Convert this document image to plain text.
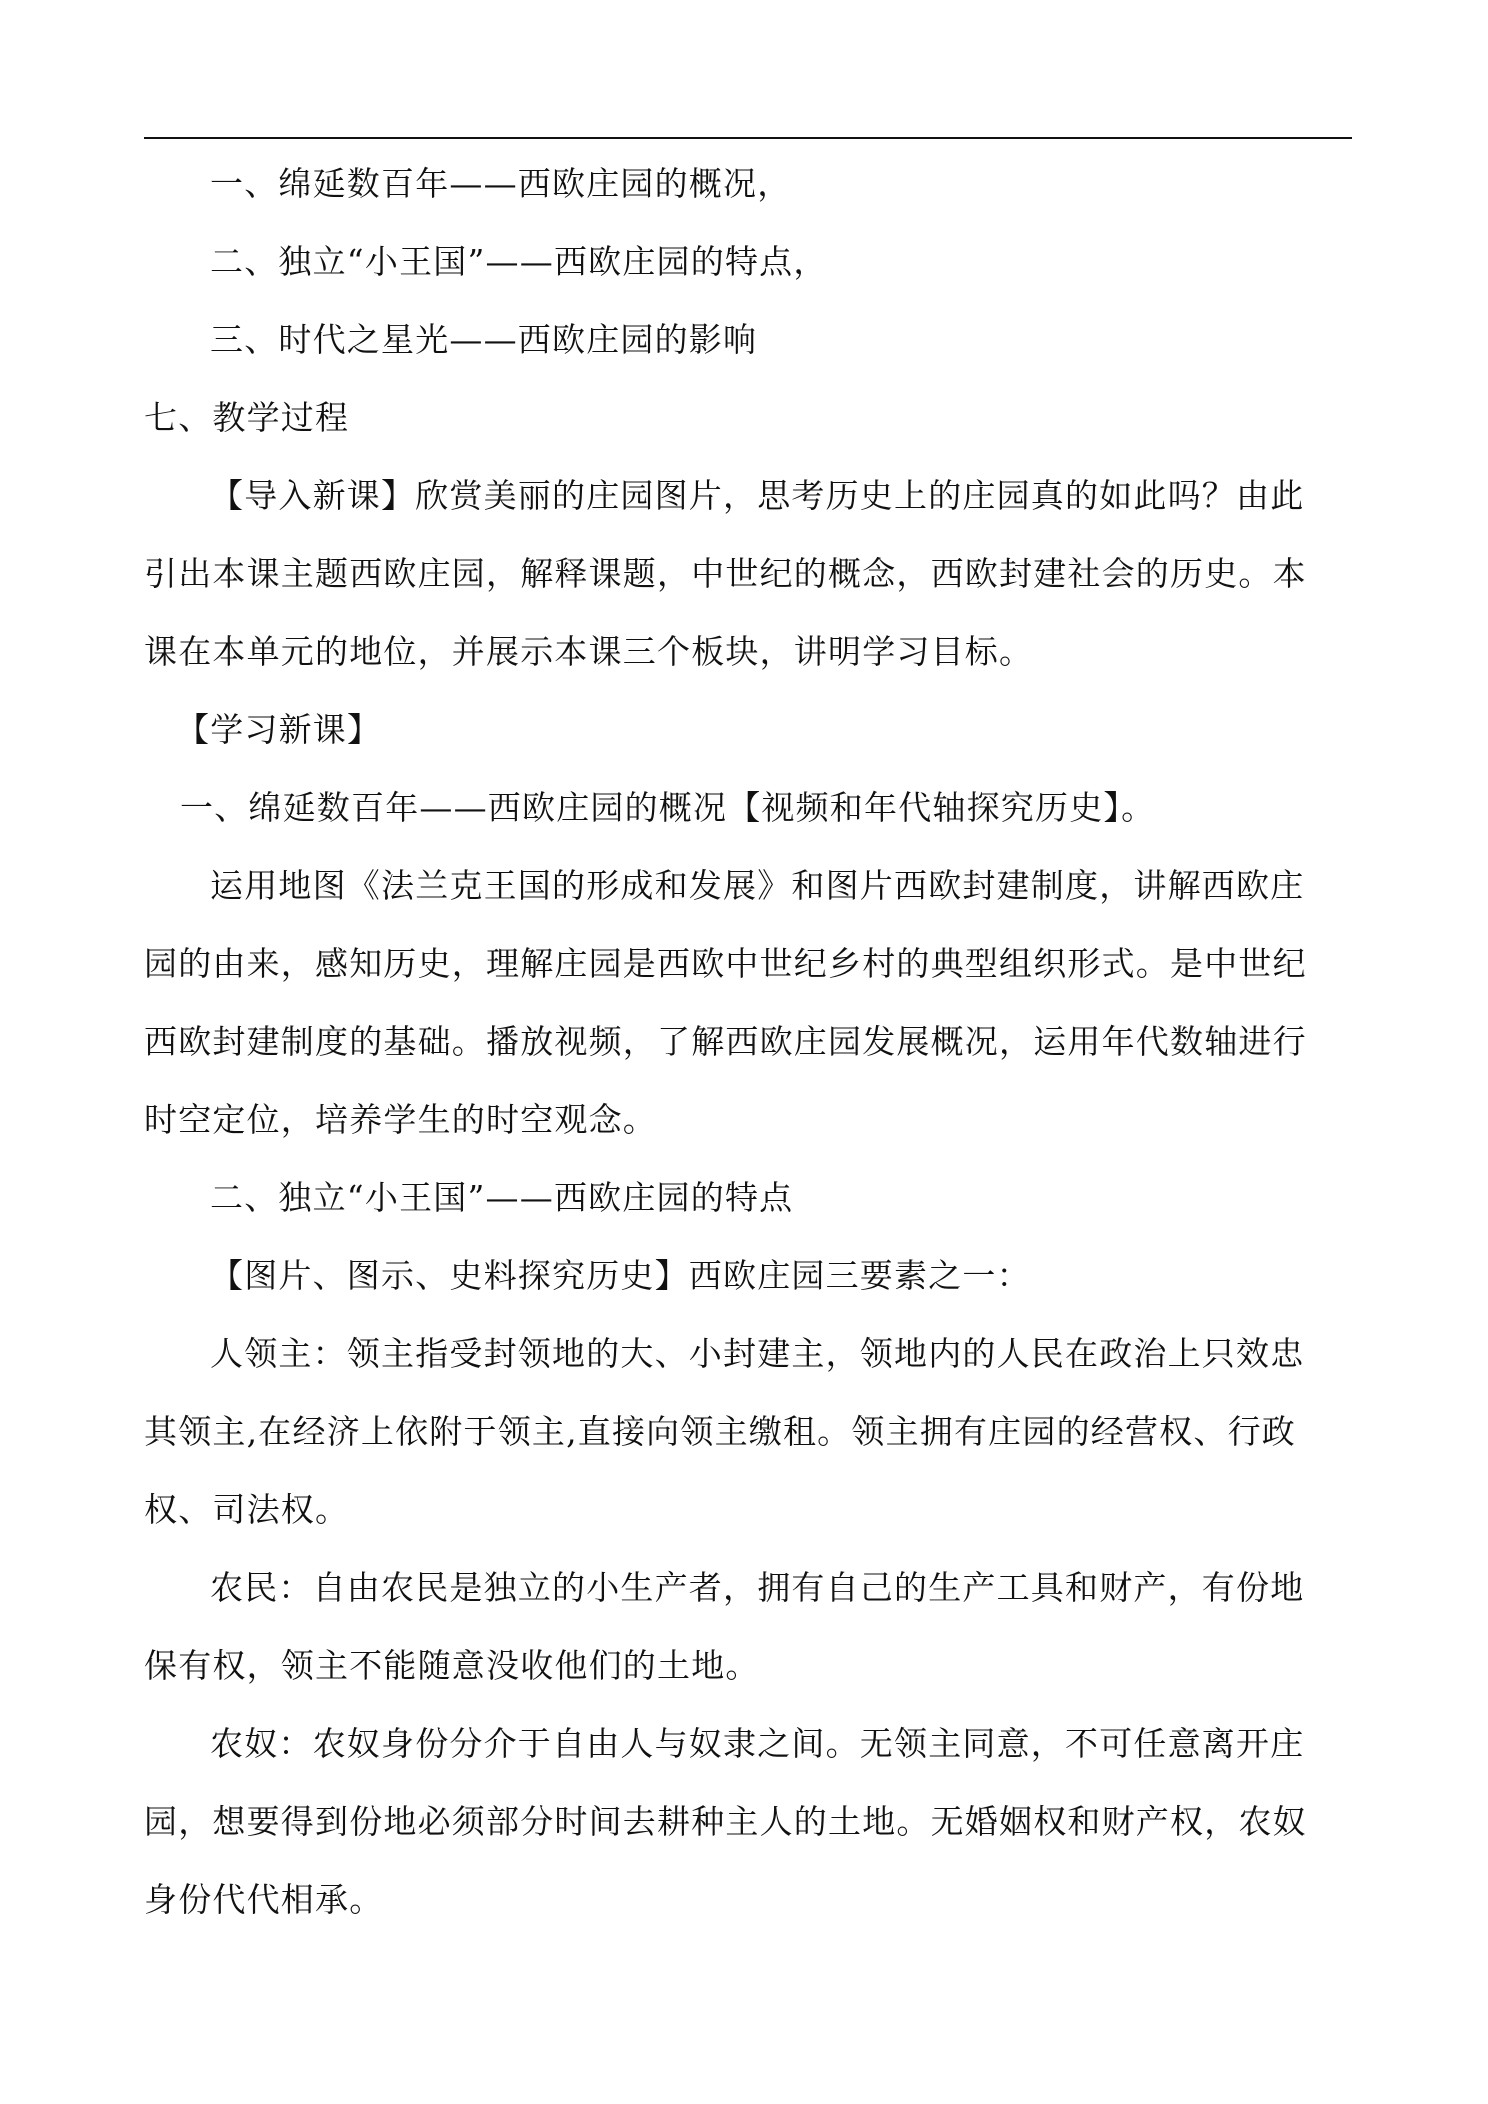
一、绵延数百年——西欧庄园的概况，
二、独立“小王国”——西欧庄园的特点，
三、时代之星光——西欧庄园的影响
七、教学过程
【导入新课】欣赏美丽的庄园图片，思考历史上的庄园真的如此吗？由此
引出本课主题西欧庄园，解释课题，中世纪的概念，西欧封建社会的历史。本
课在本单元的地位，并展示本课三个板块，讲明学习目标。
【学习新课】
一、绵延数百年——西欧庄园的概况【视频和年代轴探究历史】。
运用地图《法兰克王国的形成和发展》和图片西欧封建制度，讲解西欧庄
园的由来，感知历史，理解庄园是西欧中世纪乡村的典型组织形式。是中世纪
西欧封建制度的基础。播放视频，了解西欧庄园发展概况，运用年代数轴进行
时空定位，培养学生的时空观念。
二、独立“小王国”——西欧庄园的特点
【图片、图示、史料探究历史】西欧庄园三要素之一：
人领主：领主指受封领地的大、小封建主，领地内的人民在政治上只效忠
其领主,在经济上依附于领主,直接向领主缴租。领主拥有庄园的经营权、行政
权、司法权。
农民：自由农民是独立的小生产者，拥有自己的生产工具和财产，有份地
保有权，领主不能随意没收他们的土地。
农奴：农奴身份分介于自由人与奴隶之间。无领主同意，不可任意离开庄
园，想要得到份地必须部分时间去耕种主人的土地。无婚姻权和财产权，农奴
身份代代相承。
